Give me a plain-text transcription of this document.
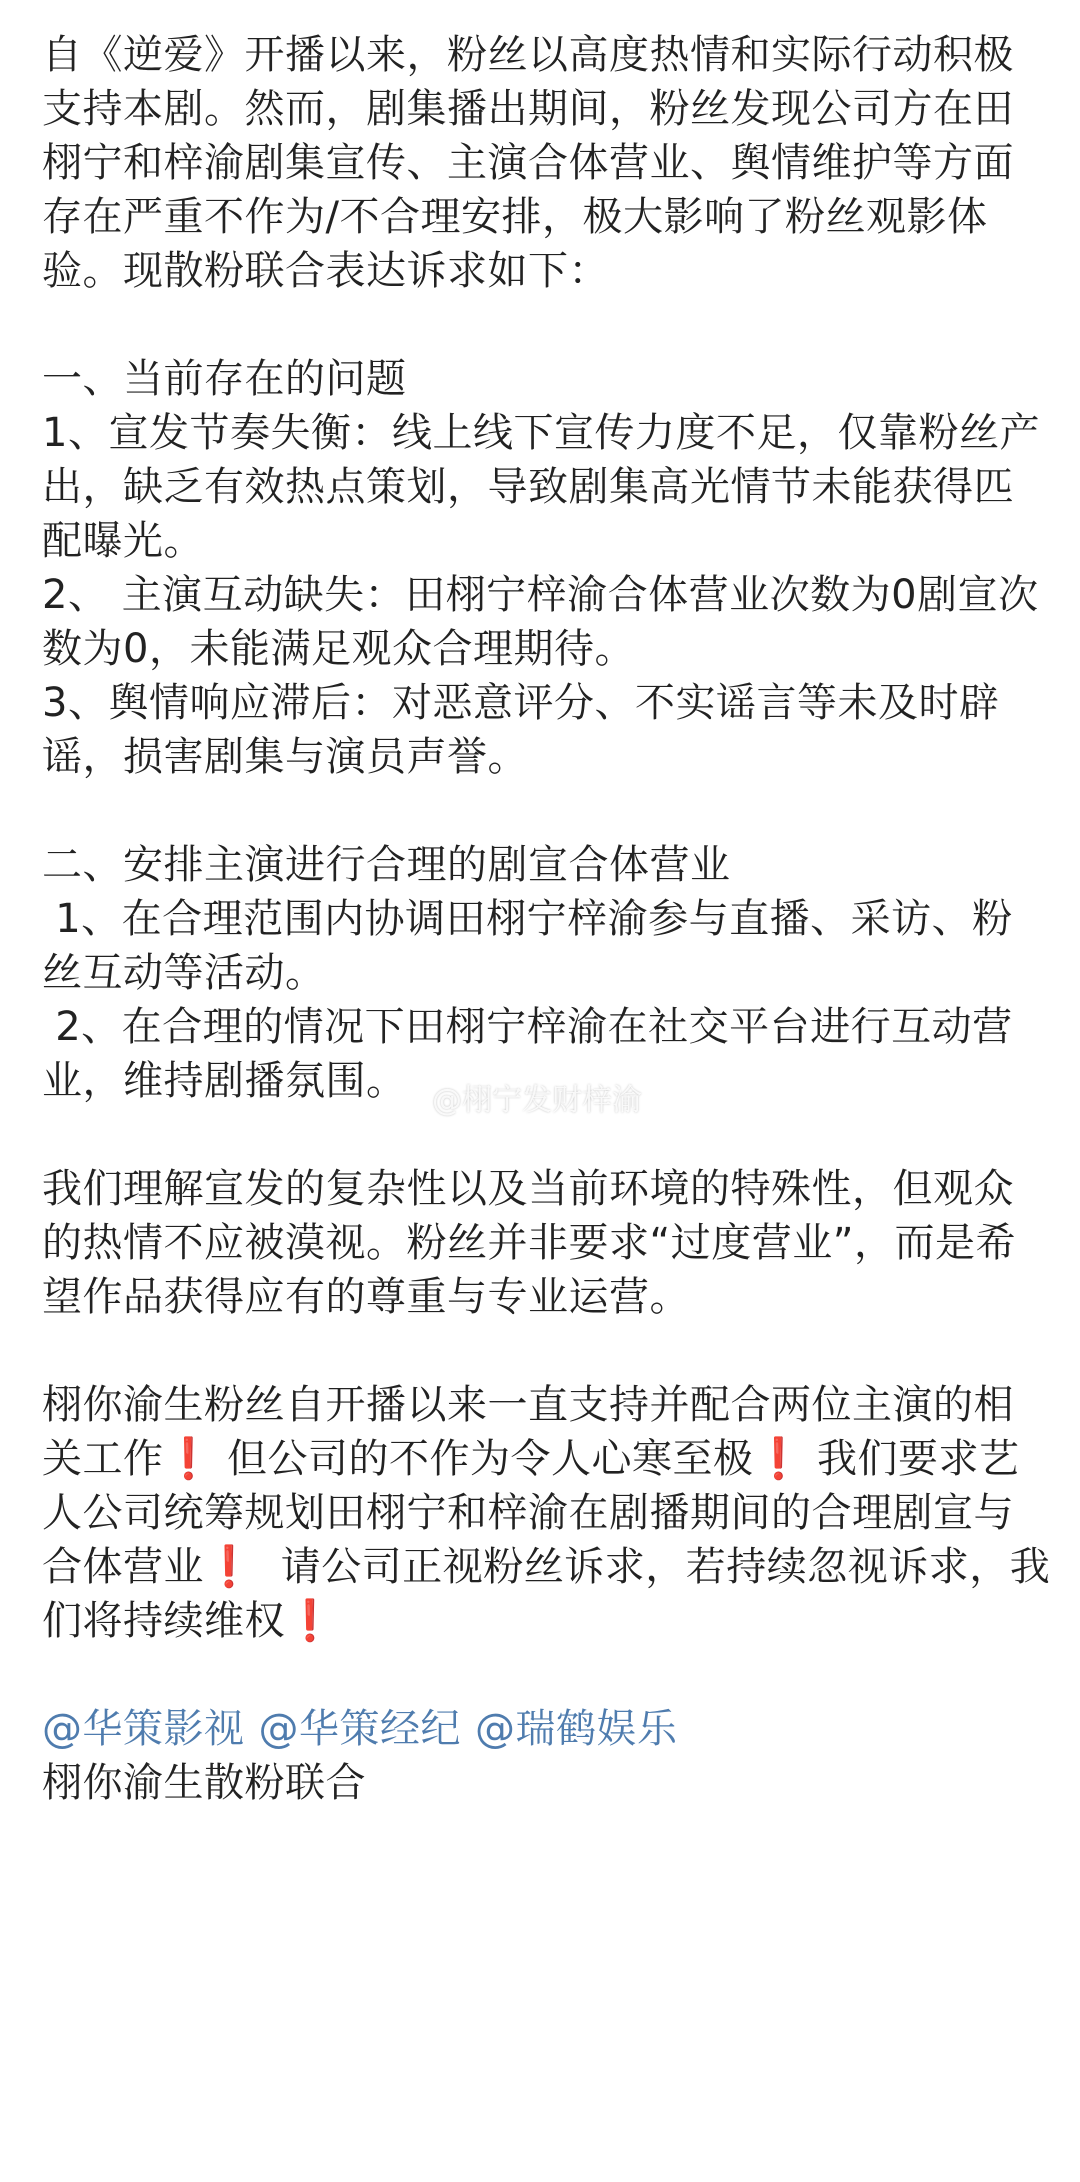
自《逆爱》开播以来，粉丝以高度热情和实际行动积极支持本剧。然而，剧集播出期间，粉丝发现公司方在田栩宁和梓渝剧集宣传、主演合体营业、舆情维护等方面存在严重不作为/不合理安排，极大影响了粉丝观影体验。现散粉联合表达诉求如下：

一、当前存在的问题

1、宣发节奏失衡：线上线下宣传力度不足，仅靠粉丝产出，缺乏有效热点策划，导致剧集高光情节未能获得匹配曝光。

2、 主演互动缺失：田栩宁梓渝合体营业次数为0剧宣次数为0，未能满足观众合理期待。

3、舆情响应滞后：对恶意评分、不实谣言等未及时辟谣，损害剧集与演员声誉。

二、安排主演进行合理的剧宣合体营业

1、在合理范围内协调田栩宁梓渝参与直播、采访、粉丝互动等活动。

2、在合理的情况下田栩宁梓渝在社交平台进行互动营业，维持剧播氛围。

我们理解宣发的复杂性以及当前环境的特殊性，但观众的热情不应被漠视。粉丝并非要求“过度营业”，而是希望作品获得应有的尊重与专业运营。

栩你渝生粉丝自开播以来一直支持并配合两位主演的相关工作❗ 但公司的不作为令人心寒至极❗ 我们要求艺人公司统筹规划田栩宁和梓渝在剧播期间的合理剧宣与合体营业❗  请公司正视粉丝诉求，若持续忽视诉求，我们将持续维权❗

@华策影视 @华策经纪 @瑞鹤娱乐

栩你渝生散粉联合

@栩宁发财梓渝
